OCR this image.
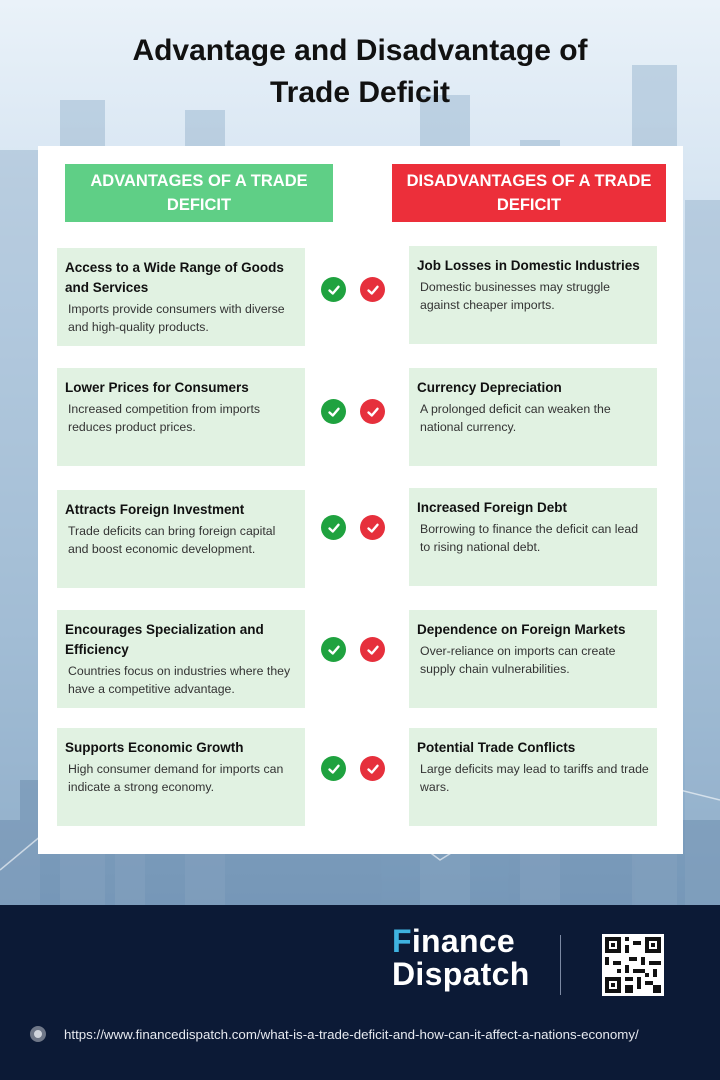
Advantage and Disadvantage of
Trade Deficit
ADVANTAGES OF A TRADE DEFICIT
DISADVANTAGES OF A TRADE DEFICIT
Access to a Wide Range of Goods and Services

Imports provide consumers with diverse and high-quality products.

Job Losses in Domestic Industries

Domestic businesses may struggle against cheaper imports.

Lower Prices for Consumers

Increased competition from imports reduces product prices.

Currency Depreciation

A prolonged deficit can weaken the national currency.

Attracts Foreign Investment

Trade deficits can bring foreign capital and boost economic development.

Increased Foreign Debt

Borrowing to finance the deficit can lead to rising national debt.

Encourages Specialization and Efficiency

Countries focus on industries where they have a competitive advantage.

Dependence on Foreign Markets

Over-reliance on imports can create supply chain vulnerabilities.

Supports Economic Growth

High consumer demand for imports can indicate a strong economy.

Potential Trade Conflicts

Large deficits may lead to tariffs and trade wars.

Finance
Dispatch
https://www.financedispatch.com/what-is-a-trade-deficit-and-how-can-it-affect-a-nations-economy/
